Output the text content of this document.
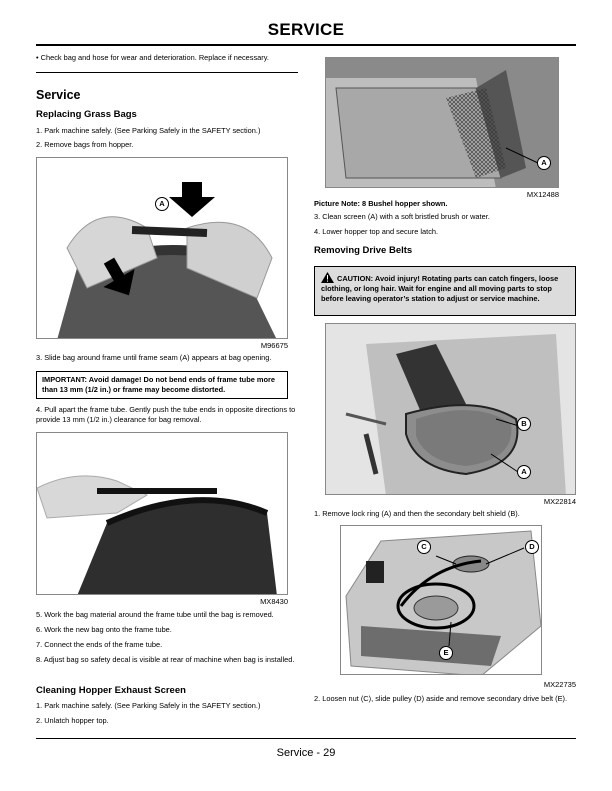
SERVICE

• Check bag and hose for wear and deterioration. Replace if necessary.

Service
Replacing Grass Bags

1. Park machine safely. (See Parking Safely in the SAFETY section.)

2. Remove bags from hopper.

A
M96675

3. Slide bag around frame until frame seam (A) appears at bag opening.

IMPORTANT: Avoid damage! Do not bend ends of frame tube more than 13 mm (1/2 in.) or frame may become distorted.

4. Pull apart the frame tube. Gently push the tube ends in opposite directions to provide 13 mm (1/2 in.) clearance for bag removal.

MX8430

5. Work the bag material around the frame tube until the bag is removed.

6. Work the new bag onto the frame tube.

7. Connect the ends of the frame tube.

8. Adjust bag so safety decal is visible at rear of machine when bag is installed.

Cleaning Hopper Exhaust Screen

1. Park machine safely. (See Parking Safely in the SAFETY section.)

2. Unlatch hopper top.

A
MX12488

Picture Note: 8 Bushel hopper shown.

3. Clean screen (A) with a soft bristled brush or water.

4. Lower hopper top and secure latch.

Removing Drive Belts
CAUTION: Avoid injury! Rotating parts can catch fingers, loose clothing, or long hair. Wait for engine and all moving parts to stop before leaving operator’s station to adjust or service machine.
B
A
MX22814

1. Remove lock ring (A) and then the secondary belt shield (B).

C	D
E
MX22735

2. Loosen nut (C), slide pulley (D) aside and remove secondary drive belt (E).

Service - 29
